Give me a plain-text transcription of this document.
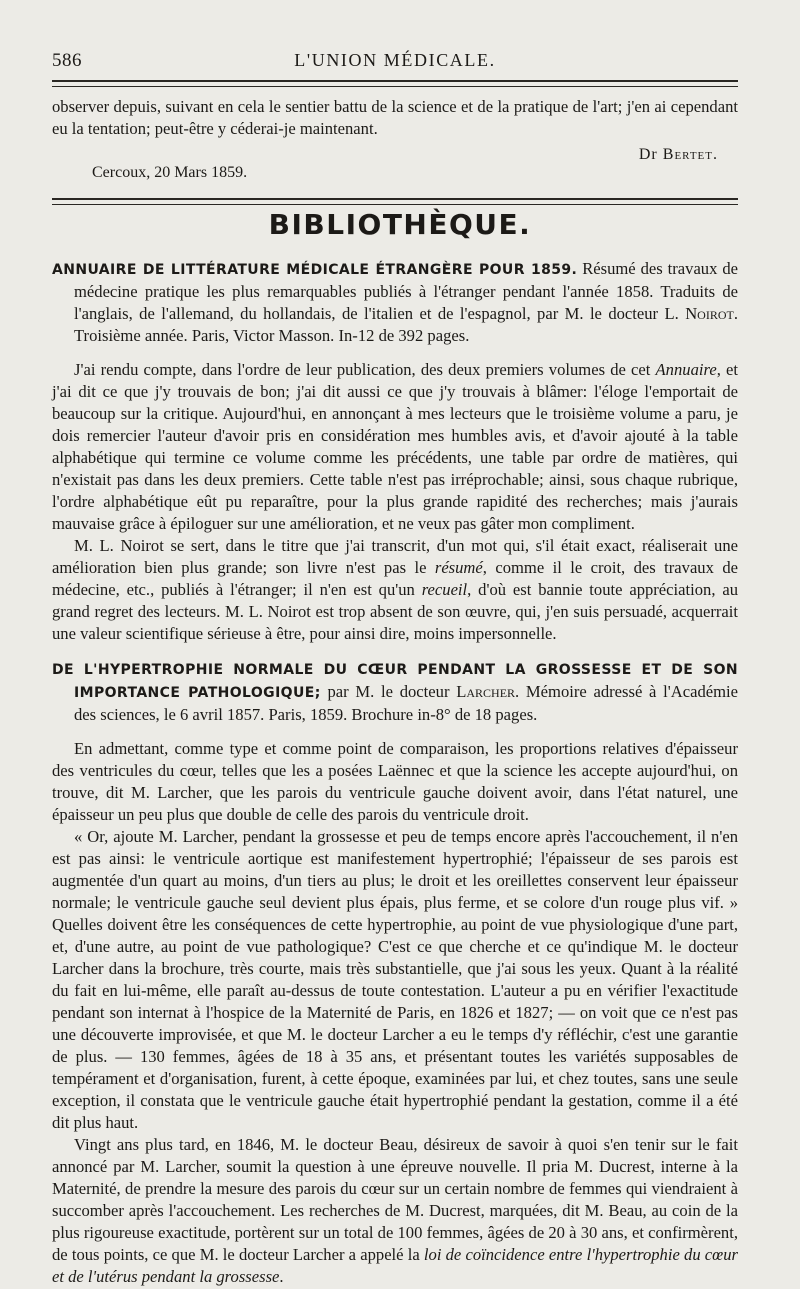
586	L'UNION MÉDICALE.

observer depuis, suivant en cela le sentier battu de la science et de la pratique de l'art; j'en ai cependant eu la tentation; peut-être y céderai-je maintenant.

Dr Bertet.
Cercoux, 20 Mars 1859.
BIBLIOTHÈQUE.

ANNUAIRE DE LITTÉRATURE MÉDICALE ÉTRANGÈRE POUR 1859. Résumé des travaux de médecine pratique les plus remarquables publiés à l'étranger pendant l'année 1858. Traduits de l'anglais, de l'allemand, du hollandais, de l'italien et de l'espagnol, par M. le docteur L. Noirot. Troisième année. Paris, Victor Masson. In-12 de 392 pages.

J'ai rendu compte, dans l'ordre de leur publication, des deux premiers volumes de cet Annuaire, et j'ai dit ce que j'y trouvais de bon; j'ai dit aussi ce que j'y trouvais à blâmer: l'éloge l'emportait de beaucoup sur la critique. Aujourd'hui, en annonçant à mes lecteurs que le troisième volume a paru, je dois remercier l'auteur d'avoir pris en considération mes humbles avis, et d'avoir ajouté à la table alphabétique qui termine ce volume comme les précédents, une table par ordre de matières, qui n'existait pas dans les deux premiers. Cette table n'est pas irréprochable; ainsi, sous chaque rubrique, l'ordre alphabétique eût pu reparaître, pour la plus grande rapidité des recherches; mais j'aurais mauvaise grâce à épiloguer sur une amélioration, et ne veux pas gâter mon compliment.

M. L. Noirot se sert, dans le titre que j'ai transcrit, d'un mot qui, s'il était exact, réaliserait une amélioration bien plus grande; son livre n'est pas le résumé, comme il le croit, des travaux de médecine, etc., publiés à l'étranger; il n'en est qu'un recueil, d'où est bannie toute appréciation, au grand regret des lecteurs. M. L. Noirot est trop absent de son œuvre, qui, j'en suis persuadé, acquerrait une valeur scientifique sérieuse à être, pour ainsi dire, moins impersonnelle.

DE L'HYPERTROPHIE NORMALE DU CŒUR PENDANT LA GROSSESSE ET DE SON IMPORTANCE PATHOLOGIQUE; par M. le docteur Larcher. Mémoire adressé à l'Académie des sciences, le 6 avril 1857. Paris, 1859. Brochure in-8° de 18 pages.

En admettant, comme type et comme point de comparaison, les proportions relatives d'épaisseur des ventricules du cœur, telles que les a posées Laënnec et que la science les accepte aujourd'hui, on trouve, dit M. Larcher, que les parois du ventricule gauche doivent avoir, dans l'état naturel, une épaisseur un peu plus que double de celle des parois du ventricule droit.

« Or, ajoute M. Larcher, pendant la grossesse et peu de temps encore après l'accouchement, il n'en est pas ainsi: le ventricule aortique est manifestement hypertrophié; l'épaisseur de ses parois est augmentée d'un quart au moins, d'un tiers au plus; le droit et les oreillettes conservent leur épaisseur normale; le ventricule gauche seul devient plus épais, plus ferme, et se colore d'un rouge plus vif. » Quelles doivent être les conséquences de cette hypertrophie, au point de vue physiologique d'une part, et, d'une autre, au point de vue pathologique? C'est ce que cherche et ce qu'indique M. le docteur Larcher dans la brochure, très courte, mais très substantielle, que j'ai sous les yeux. Quant à la réalité du fait en lui-même, elle paraît au-dessus de toute contestation. L'auteur a pu en vérifier l'exactitude pendant son internat à l'hospice de la Maternité de Paris, en 1826 et 1827; — on voit que ce n'est pas une découverte improvisée, et que M. le docteur Larcher a eu le temps d'y réfléchir, c'est une garantie de plus. — 130 femmes, âgées de 18 à 35 ans, et présentant toutes les variétés supposables de tempérament et d'organisation, furent, à cette époque, examinées par lui, et chez toutes, sans une seule exception, il constata que le ventricule gauche était hypertrophié pendant la gestation, comme il a été dit plus haut.

Vingt ans plus tard, en 1846, M. le docteur Beau, désireux de savoir à quoi s'en tenir sur le fait annoncé par M. Larcher, soumit la question à une épreuve nouvelle. Il pria M. Ducrest, interne à la Maternité, de prendre la mesure des parois du cœur sur un certain nombre de femmes qui viendraient à succomber après l'accouchement. Les recherches de M. Ducrest, marquées, dit M. Beau, au coin de la plus rigoureuse exactitude, portèrent sur un total de 100 femmes, âgées de 20 à 30 ans, et confirmèrent, de tous points, ce que M. le docteur Larcher a appelé la loi de coïncidence entre l'hypertrophie du cœur et de l'utérus pendant la grossesse.
